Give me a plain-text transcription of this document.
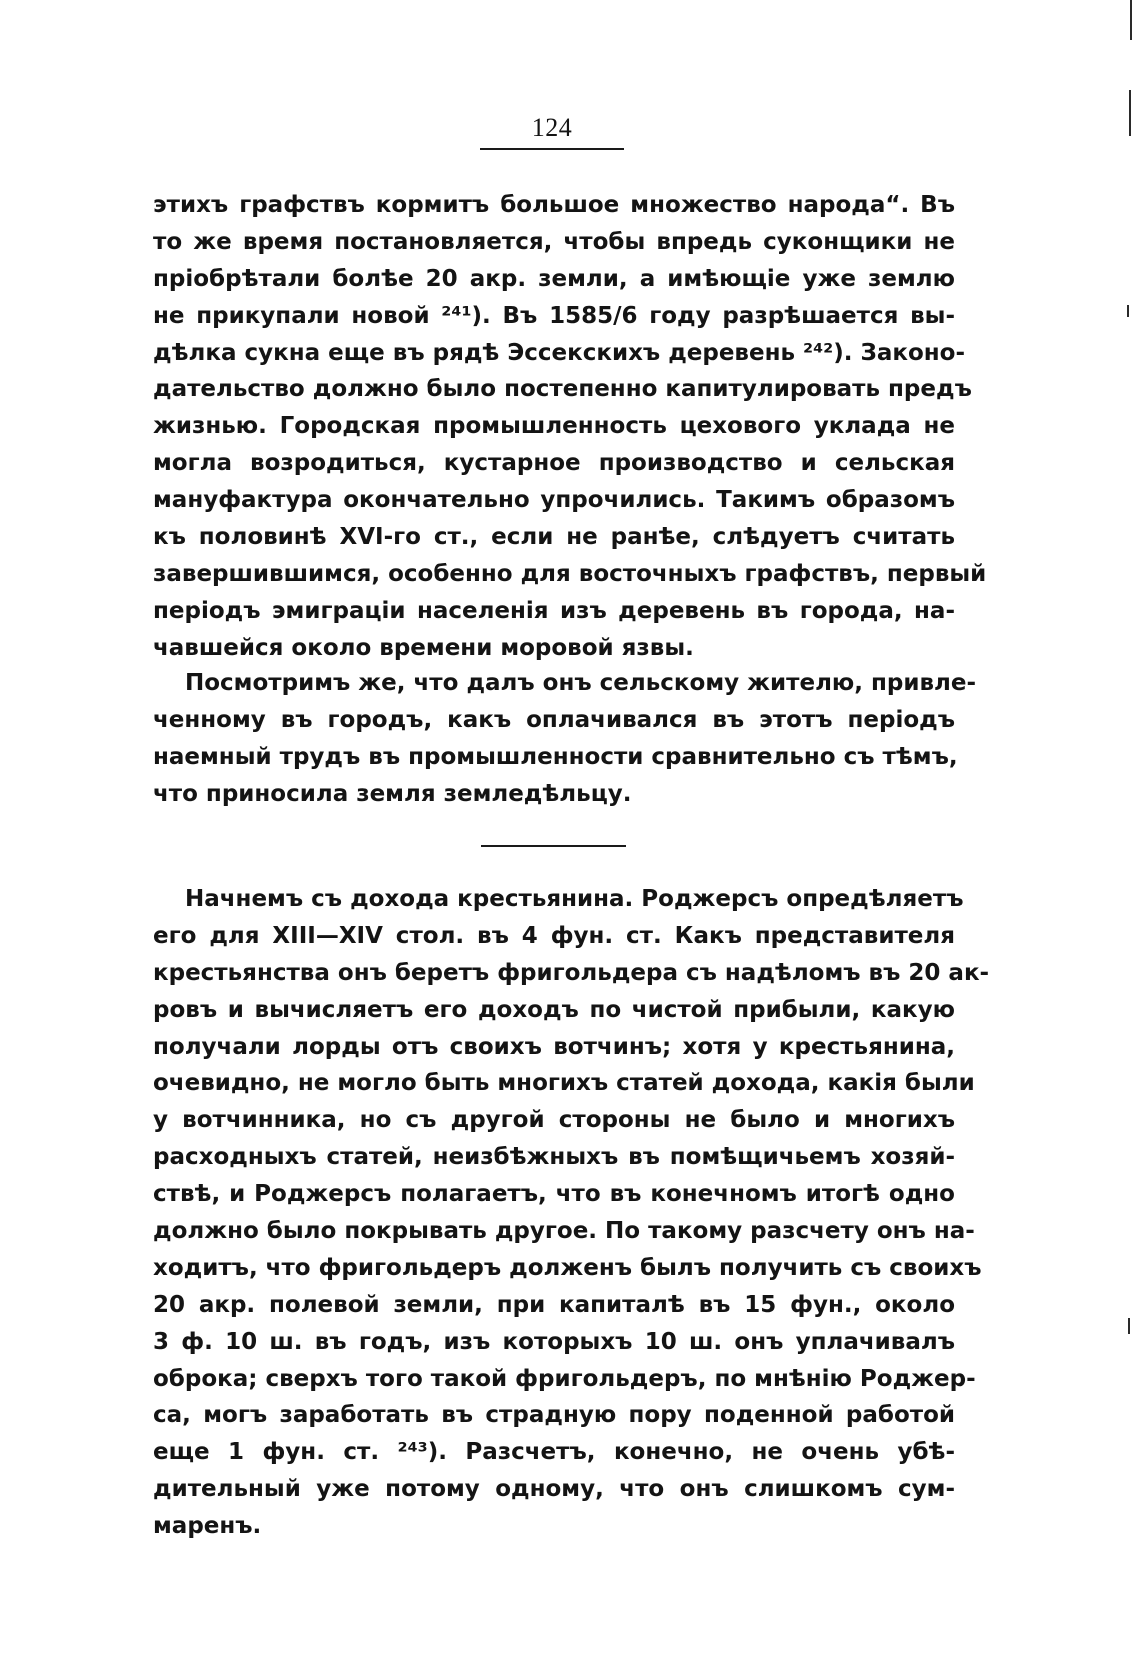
124
этихъ графствъ кормитъ большое множество народа“. Въ
то же время постановляется, чтобы впредь суконщики не
пріобрѣтали болѣе 20 акр. земли, а имѣющіе уже землю
не прикупали новой ²⁴¹). Въ 1585/6 году разрѣшается вы-
дѣлка сукна еще въ рядѣ Эссекскихъ деревень ²⁴²). Законо-
дательство должно было постепенно капитулировать предъ
жизнью. Городская промышленность цехового уклада не
могла возродиться, кустарное производство и сельская
мануфактура окончательно упрочились. Такимъ образомъ
къ половинѣ XVI-го ст., если не ранѣе, слѣдуетъ считать
завершившимся, особенно для восточныхъ графствъ, первый
періодъ эмиграціи населенія изъ деревень въ города, на-
чавшейся около времени моровой язвы.
Посмотримъ же, что далъ онъ сельскому жителю, привле-
ченному въ городъ, какъ оплачивался въ этотъ періодъ
наемный трудъ въ промышленности сравнительно съ тѣмъ,
что приносила земля земледѣльцу.
Начнемъ съ дохода крестьянина. Роджерсъ опредѣляетъ
его для XIII—XIV стол. въ 4 фун. ст. Какъ представителя
крестьянства онъ беретъ фригольдера съ надѣломъ въ 20 ак-
ровъ и вычисляетъ его доходъ по чистой прибыли, какую
получали лорды отъ своихъ вотчинъ; хотя у крестьянина,
очевидно, не могло быть многихъ статей дохода, какія были
у вотчинника, но съ другой стороны не было и многихъ
расходныхъ статей, неизбѣжныхъ въ помѣщичьемъ хозяй-
ствѣ, и Роджерсъ полагаетъ, что въ конечномъ итогѣ одно
должно было покрывать другое. По такому разсчету онъ на-
ходитъ, что фригольдеръ долженъ былъ получить съ своихъ
20 акр. полевой земли, при капиталѣ въ 15 фун., около
3 ф. 10 ш. въ годъ, изъ которыхъ 10 ш. онъ уплачивалъ
оброка; сверхъ того такой фригольдеръ, по мнѣнію Роджер-
са, могъ заработать въ страдную пору поденной работой
еще 1 фун. ст. ²⁴³). Разсчетъ, конечно, не очень убѣ-
дительный уже потому одному, что онъ слишкомъ сум-
маренъ.
